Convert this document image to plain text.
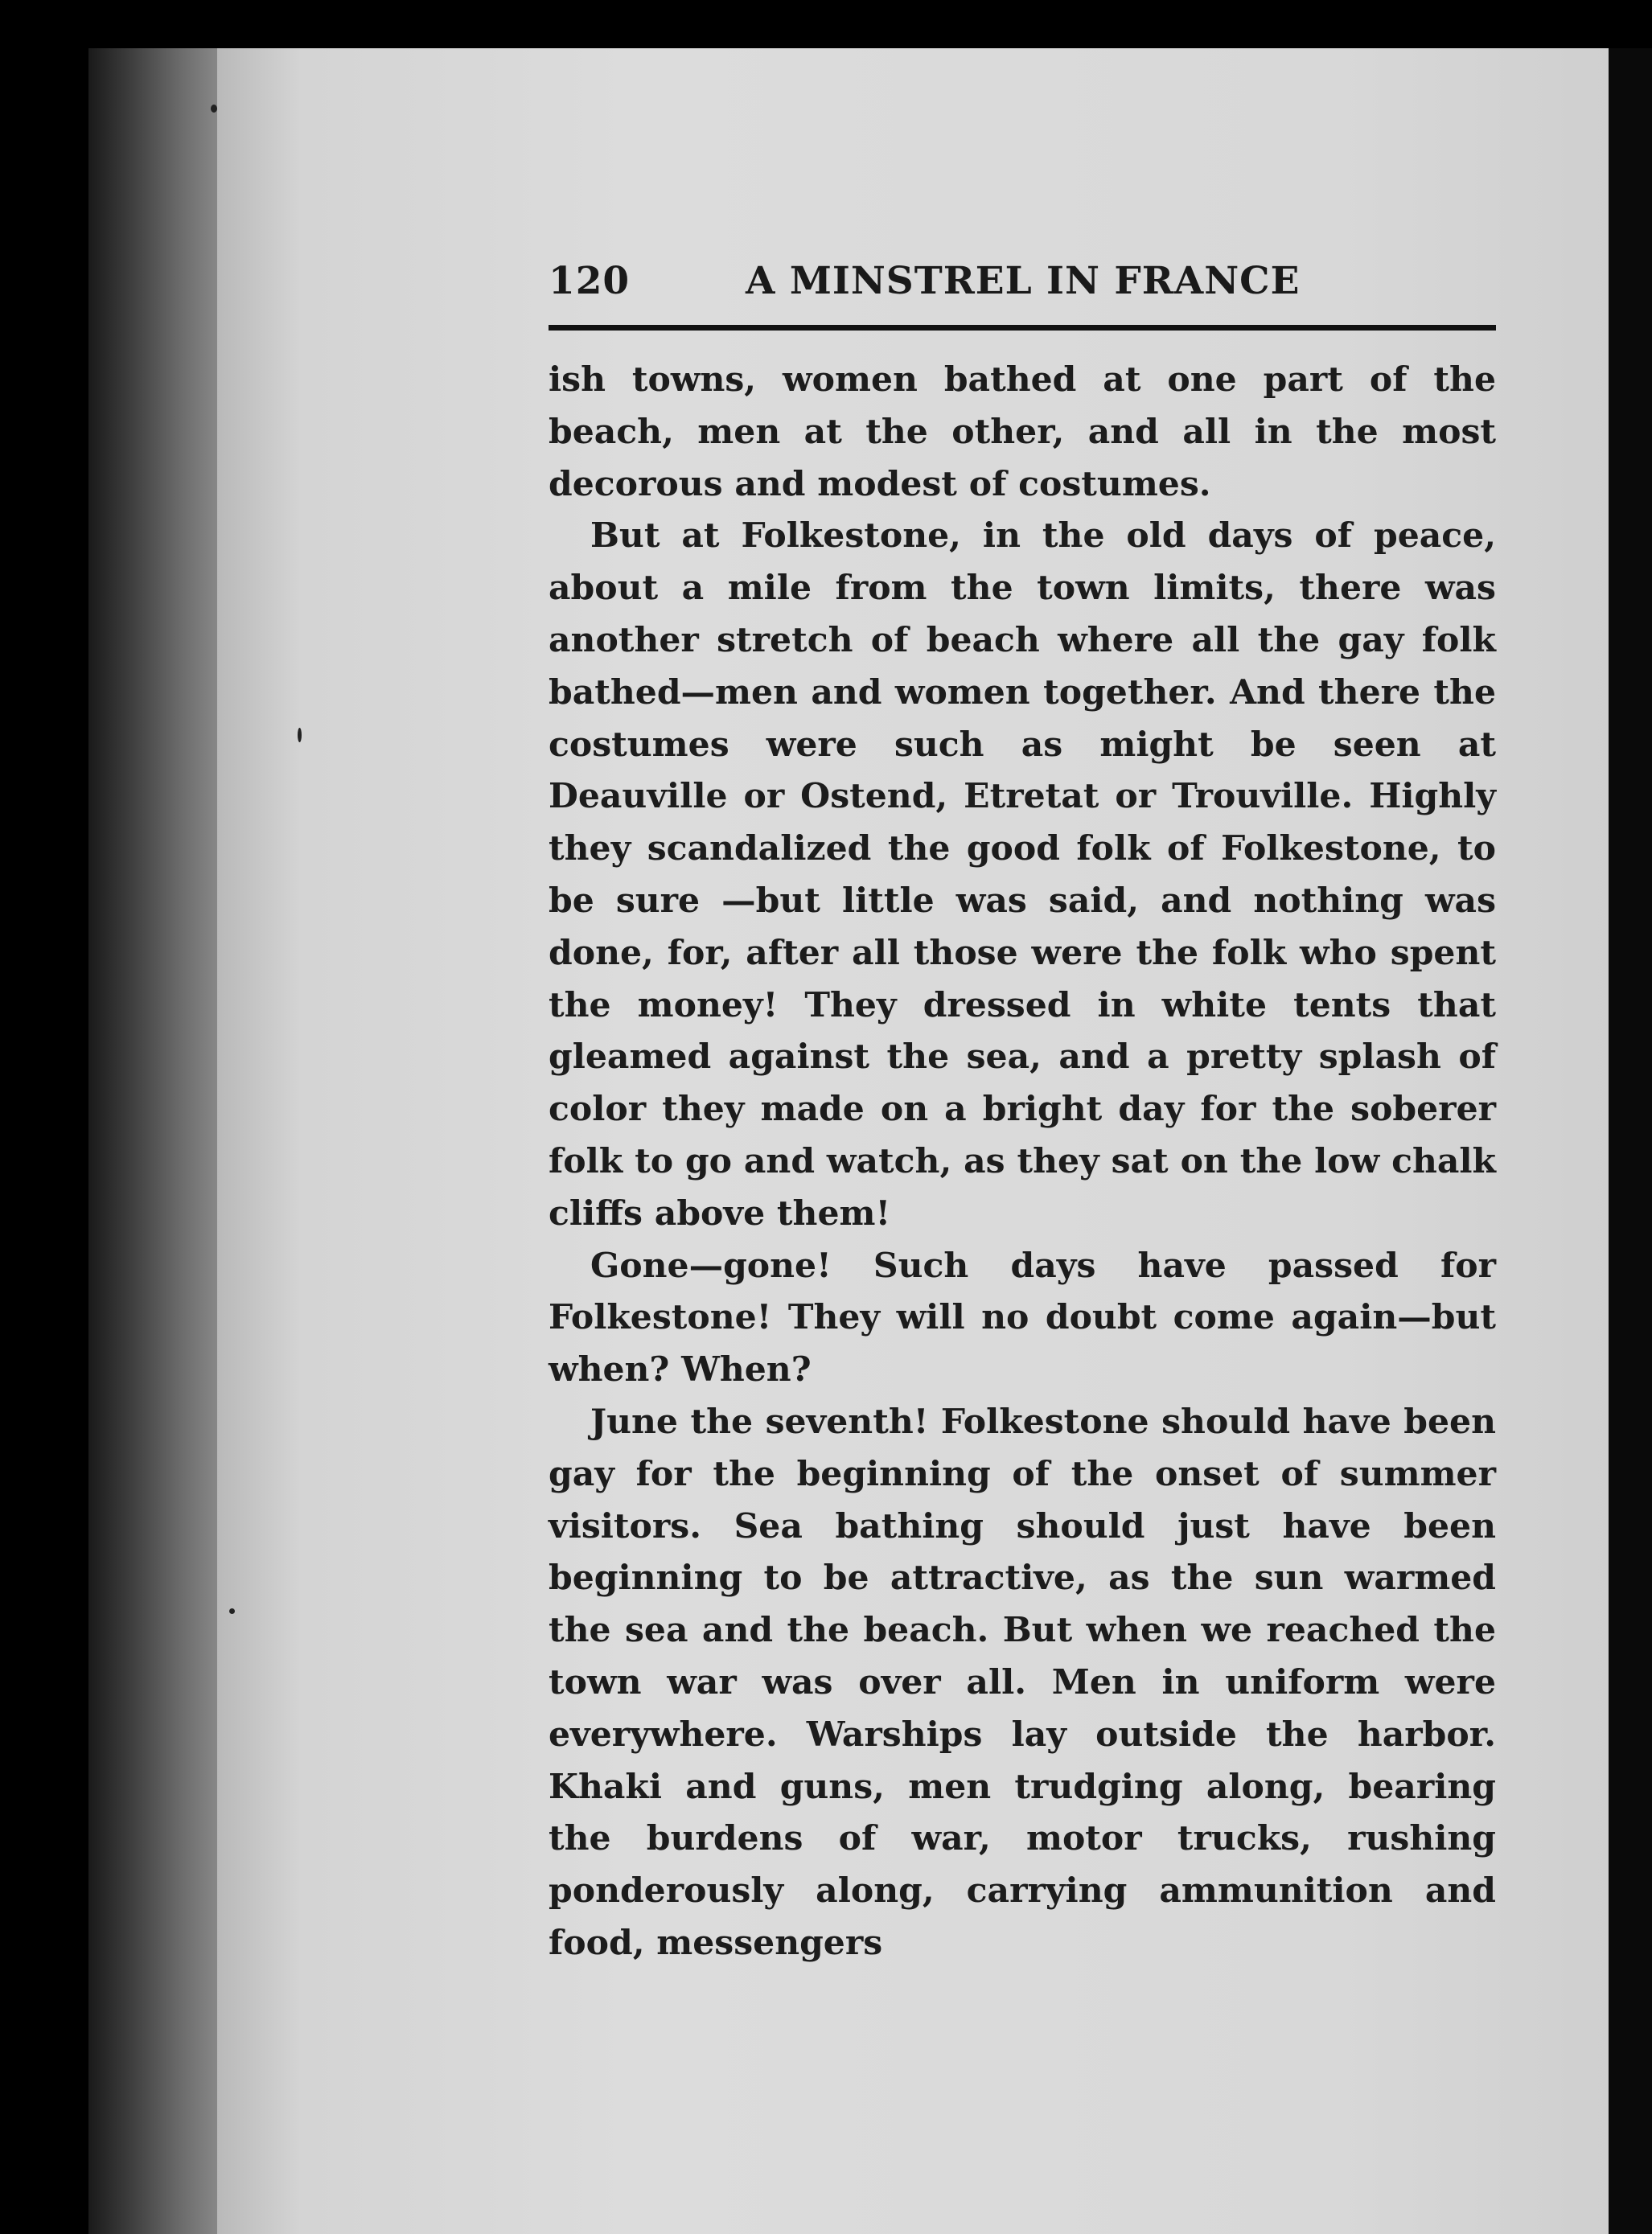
120	A MINSTREL IN FRANCE

ish towns, women bathed at one part of the beach, men at the other, and all in the most decorous and modest of costumes.

But at Folkestone, in the old days of peace, about a mile from the town limits, there was another stretch of beach where all the gay folk bathed—men and women together. And there the costumes were such as might be seen at Deauville or Ostend, Etretat or Trouville. Highly they scandalized the good folk of Folkestone, to be sure —but little was said, and nothing was done, for, after all those were the folk who spent the money! They dressed in white tents that gleamed against the sea, and a pretty splash of color they made on a bright day for the soberer folk to go and watch, as they sat on the low chalk cliffs above them!

Gone—gone! Such days have passed for Folkestone! They will no doubt come again—but when? When?

June the seventh! Folkestone should have been gay for the beginning of the onset of summer visitors. Sea bathing should just have been beginning to be attractive, as the sun warmed the sea and the beach. But when we reached the town war was over all. Men in uniform were everywhere. Warships lay outside the harbor. Khaki and guns, men trudging along, bearing the burdens of war, motor trucks, rushing ponderously along, carrying ammunition and food, messengers
